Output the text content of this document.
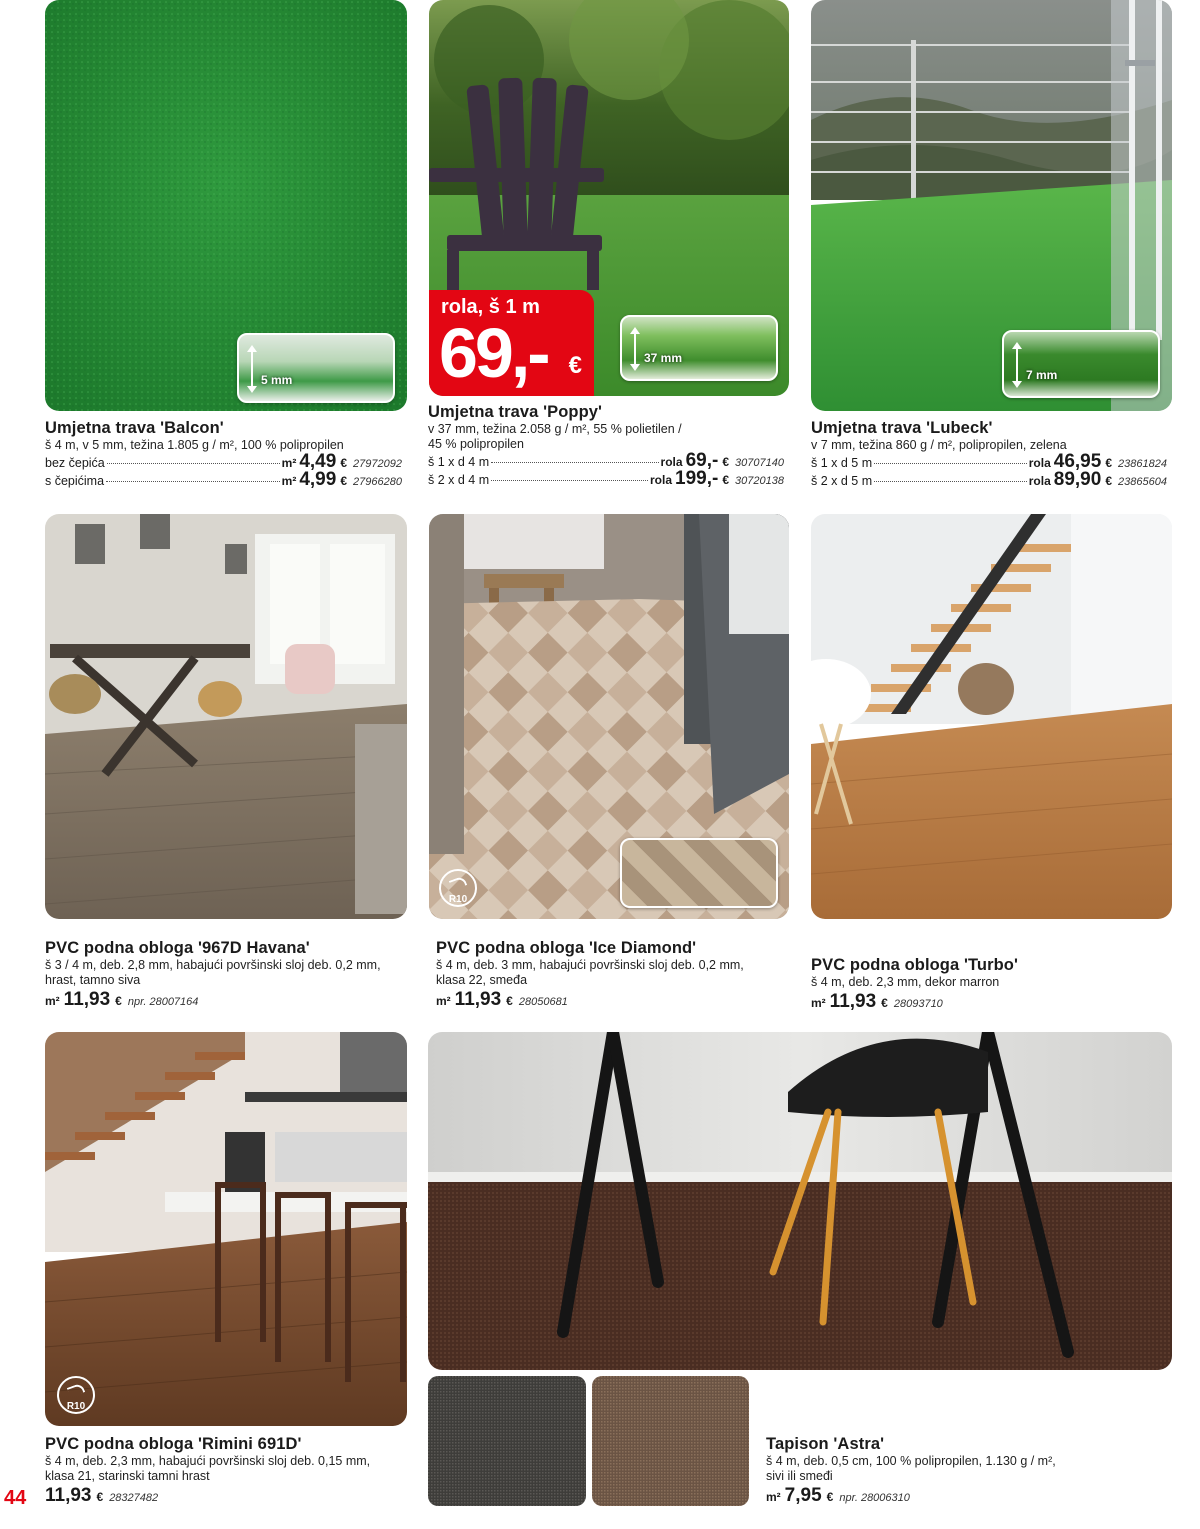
5 mm
37 mm
rola, š 1 m
69,- €	7 mm
Umjetna trava 'Balcon'
š 4 m, v 5 mm, težina 1.805 g / m², 100 % polipropilen
bez čepića	m² 4,49 € 27972092
s čepićima	m² 4,99 € 27966280
Umjetna trava 'Poppy'
v 37 mm, težina 2.058 g / m², 55 % polietilen /
45 % polipropilen
š 1 x d 4 m	rola 69,- € 30707140
š 2 x d 4 m	rola 199,- € 30720138
Umjetna trava 'Lubeck'
v 7 mm, težina 860 g / m², polipropilen, zelena
š 1 x d 5 m	rola 46,95 € 23861824
š 2 x d 5 m	rola 89,90 € 23865604
R10
PVC podna obloga '967D Havana'
š 3 / 4 m, deb. 2,8 mm, habajući površinski sloj deb. 0,2 mm,
hrast, tamno siva
m² 11,93 € npr. 28007164
PVC podna obloga 'Ice Diamond'
š 4 m, deb. 3 mm, habajući površinski sloj deb. 0,2 mm,
klasa 22, smeđa
m² 11,93 € 28050681
PVC podna obloga 'Turbo'
š 4 m, deb. 2,3 mm, dekor marron
m² 11,93 € 28093710
R10
PVC podna obloga 'Rimini 691D'
š 4 m, deb. 2,3 mm, habajući površinski sloj deb. 0,15 mm,
klasa 21, starinski tamni hrast
11,93 € 28327482
Tapison 'Astra'
š 4 m, deb. 0,5 cm, 100 % polipropilen, 1.130 g / m²,
sivi ili smeđi
m² 7,95 € npr. 28006310
44
